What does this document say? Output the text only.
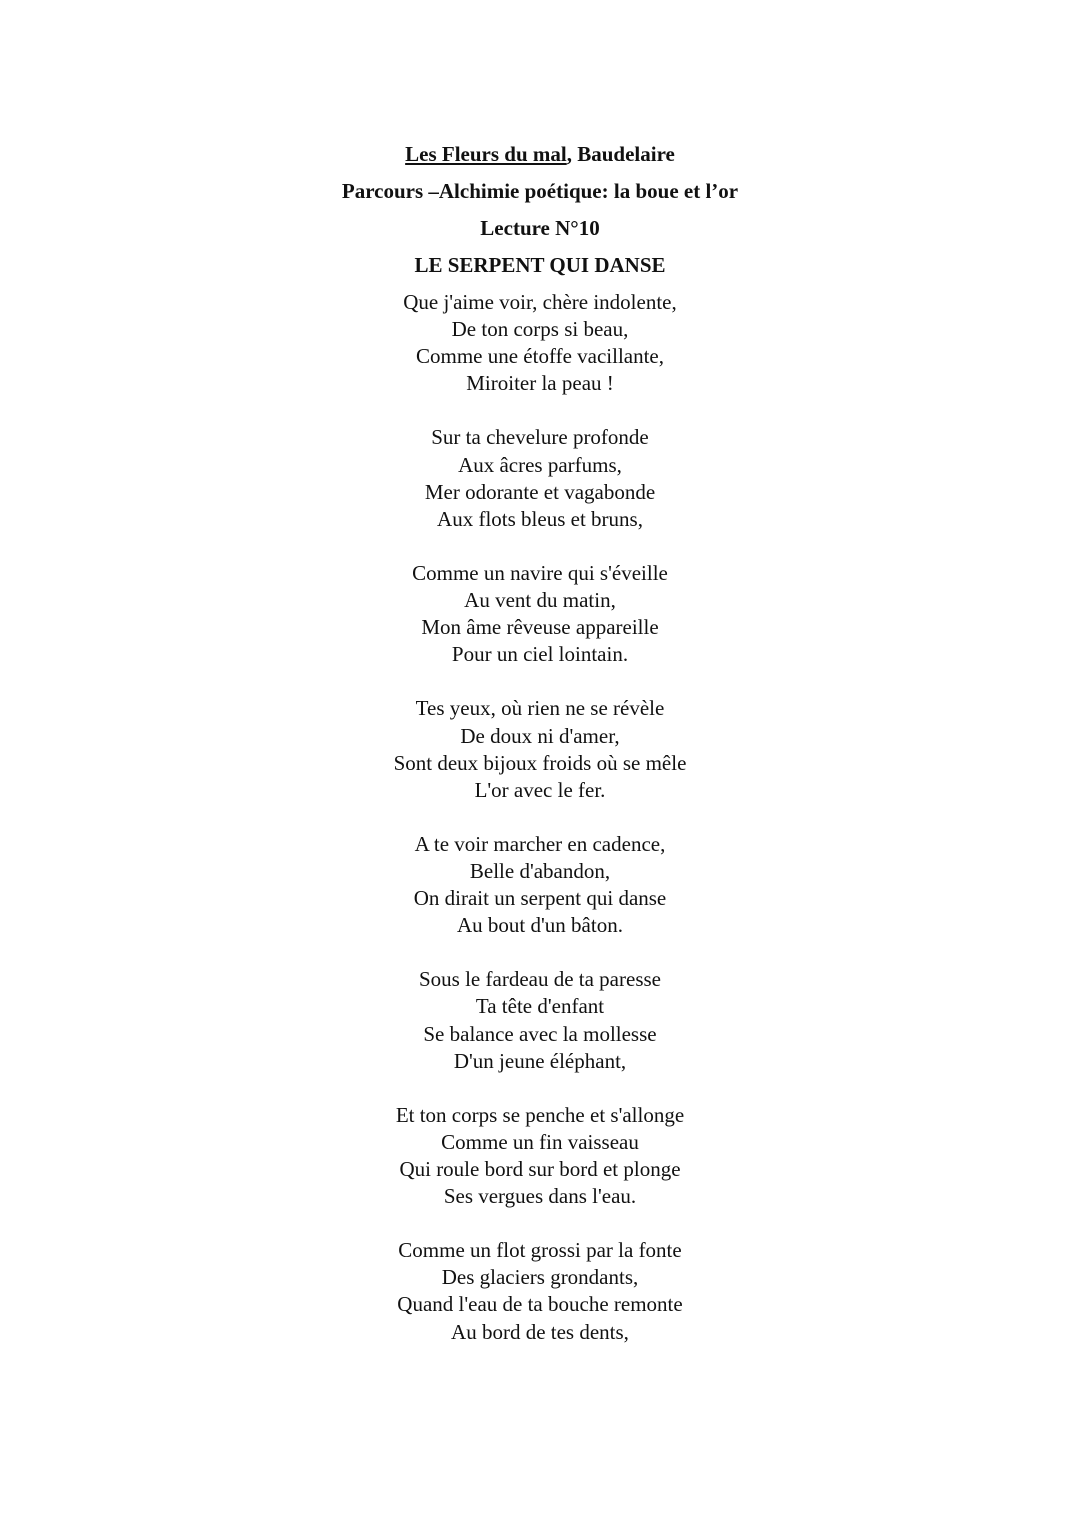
Les Fleurs du mal, Baudelaire
Parcours –Alchimie poétique: la boue et l’or
Lecture N°10
LE SERPENT QUI DANSE
Que j'aime voir, chère indolente,
De ton corps si beau,
Comme une étoffe vacillante,
Miroiter la peau !
Sur ta chevelure profonde
Aux âcres parfums,
Mer odorante et vagabonde
Aux flots bleus et bruns,
Comme un navire qui s'éveille
Au vent du matin,
Mon âme rêveuse appareille
Pour un ciel lointain.
Tes yeux, où rien ne se révèle
De doux ni d'amer,
Sont deux bijoux froids où se mêle
L'or avec le fer.
A te voir marcher en cadence,
Belle d'abandon,
On dirait un serpent qui danse
Au bout d'un bâton.
Sous le fardeau de ta paresse
Ta tête d'enfant
Se balance avec la mollesse
D'un jeune éléphant,
Et ton corps se penche et s'allonge
Comme un fin vaisseau
Qui roule bord sur bord et plonge
Ses vergues dans l'eau.
Comme un flot grossi par la fonte
Des glaciers grondants,
Quand l'eau de ta bouche remonte
Au bord de tes dents,
